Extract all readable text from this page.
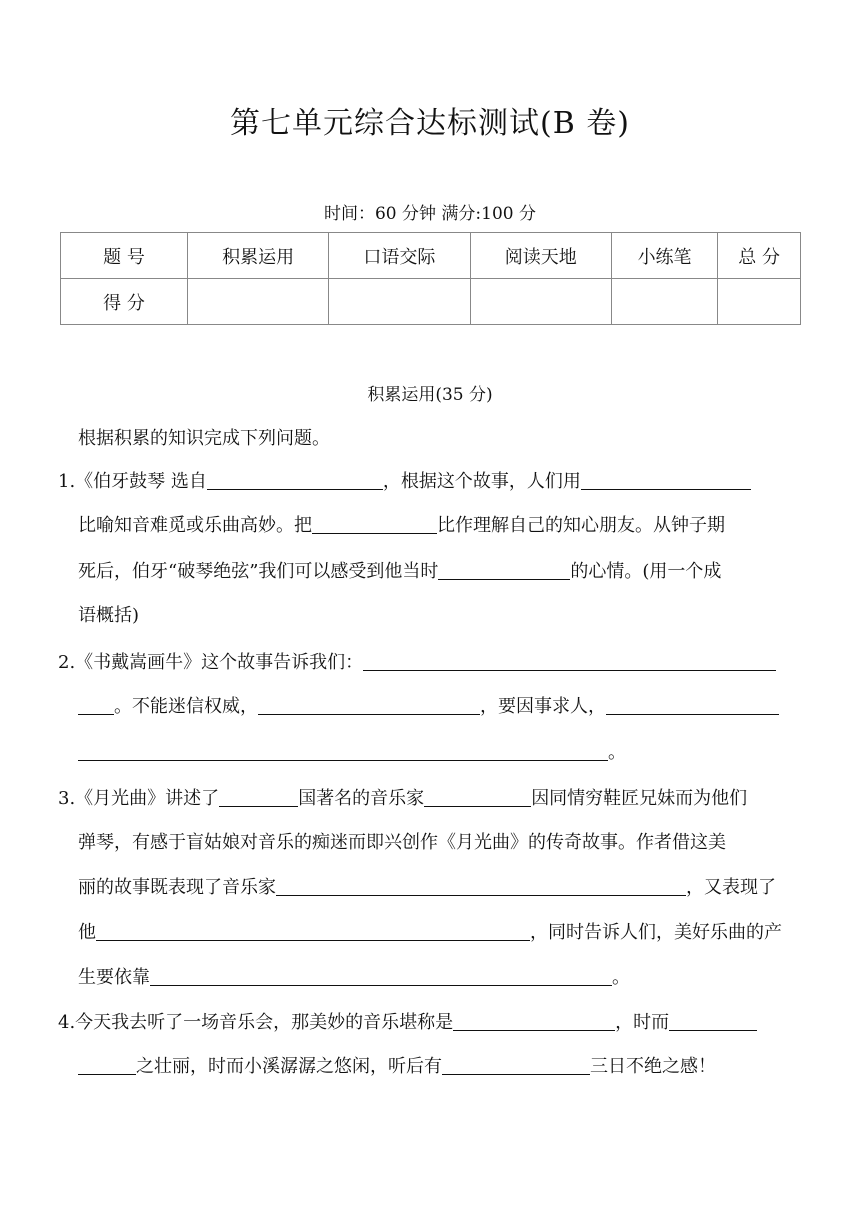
第七单元综合达标测试(B 卷)
时间：60 分钟 满分:100 分
题 号	积累运用	口语交际	阅读天地	小练笔	总 分
得 分					
积累运用(35 分)
根据积累的知识完成下列问题。
1.《伯牙鼓琴 选自	，根据这个故事，人们用
比喻知音难觅或乐曲高妙。把	比作理解自己的知心朋友。从钟子期
死后，伯牙“破琴绝弦”我们可以感受到他当时	的心情。(用一个成
语概括)
2.《书戴嵩画牛》这个故事告诉我们：
。不能迷信权威，	，要因事求人，
。
3.《月光曲》讲述了	国著名的音乐家	因同情穷鞋匠兄妹而为他们
弹琴，有感于盲姑娘对音乐的痴迷而即兴创作《月光曲》的传奇故事。作者借这美
丽的故事既表现了音乐家	，又表现了
他	，同时告诉人们，美好乐曲的产
生要依靠	。
4.今天我去听了一场音乐会，那美妙的音乐堪称是	，时而
之壮丽，时而小溪潺潺之悠闲，听后有	三日不绝之感！
